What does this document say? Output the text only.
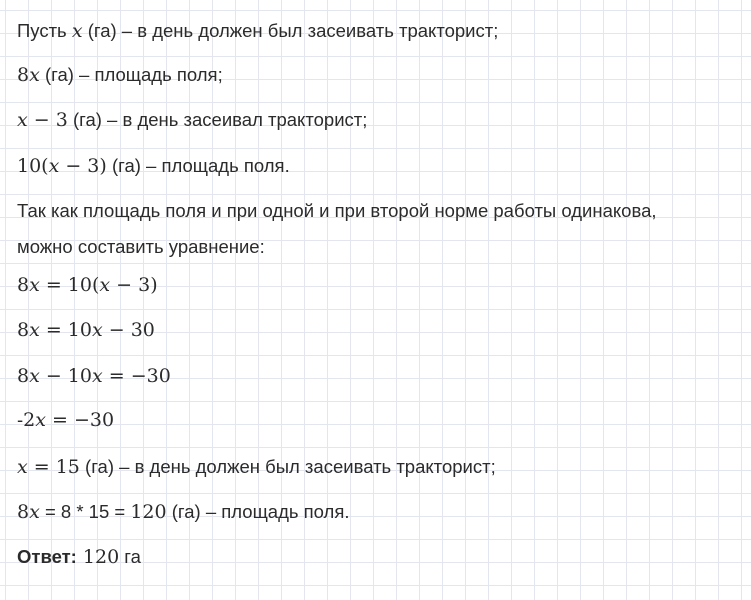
Пусть x (га) – в день должен был засеивать тракторист;
8x (га) – площадь поля;
x − 3 (га) – в день засеивал тракторист;
10(x − 3) (га) – площадь поля.
Так как площадь поля и при одной и при второй норме работы одинакова,
можно составить уравнение:
8x = 10(x − 3)
8x = 10x − 30
8x − 10x = −30
-2x = −30
x = 15 (га) – в день должен был засеивать тракторист;
8x = 8 * 15 = 120 (га) – площадь поля.
Ответ: 120 га
